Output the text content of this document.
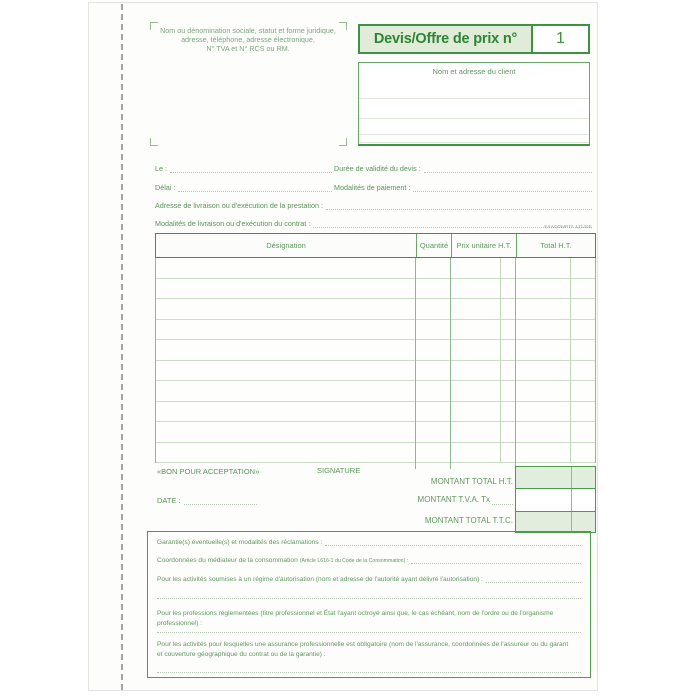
Nom ou dénomination sociale, statut et forme juridique,
adresse, téléphone, adresse électronique,
N° TVA et N° RCS ou RM.
Devis/Offre de prix n°	1
Nom et adresse du client
Le :	Durée de validité du devis :
Délai :	Modalités de paiement :
Adresse de livraison ou d'exécution de la prestation :
Modalités de livraison ou d'exécution du contrat :	EXACOMPTA 13146E
Désignation	Quantité	Prix unitaire H.T.	Total H.T.
«BON POUR ACCEPTATION»	SIGNATURE
DATE :
MONTANT TOTAL H.T.
MONTANT T.V.A. Tx
MONTANT TOTAL T.T.C.
Garantie(s) éventuelle(s) et modalités des réclamations :
Coordonnées du médiateur de la consommation (Article L616-1 du Code de la Consommation) :
Pour les activités soumises à un régime d'autorisation (nom et adresse de l'autorité ayant délivré l'autorisation) :
Pour les professions réglementées (titre professionnel et État l'ayant octroyé ainsi que, le cas échéant, nom de l'ordre ou de l'organisme professionnel) :
Pour les activités pour lesquelles une assurance professionnelle est obligatoire (nom de l'assurance, coordonnées de l'assureur ou du garant
et couverture géographique du contrat ou de la garantie) :
